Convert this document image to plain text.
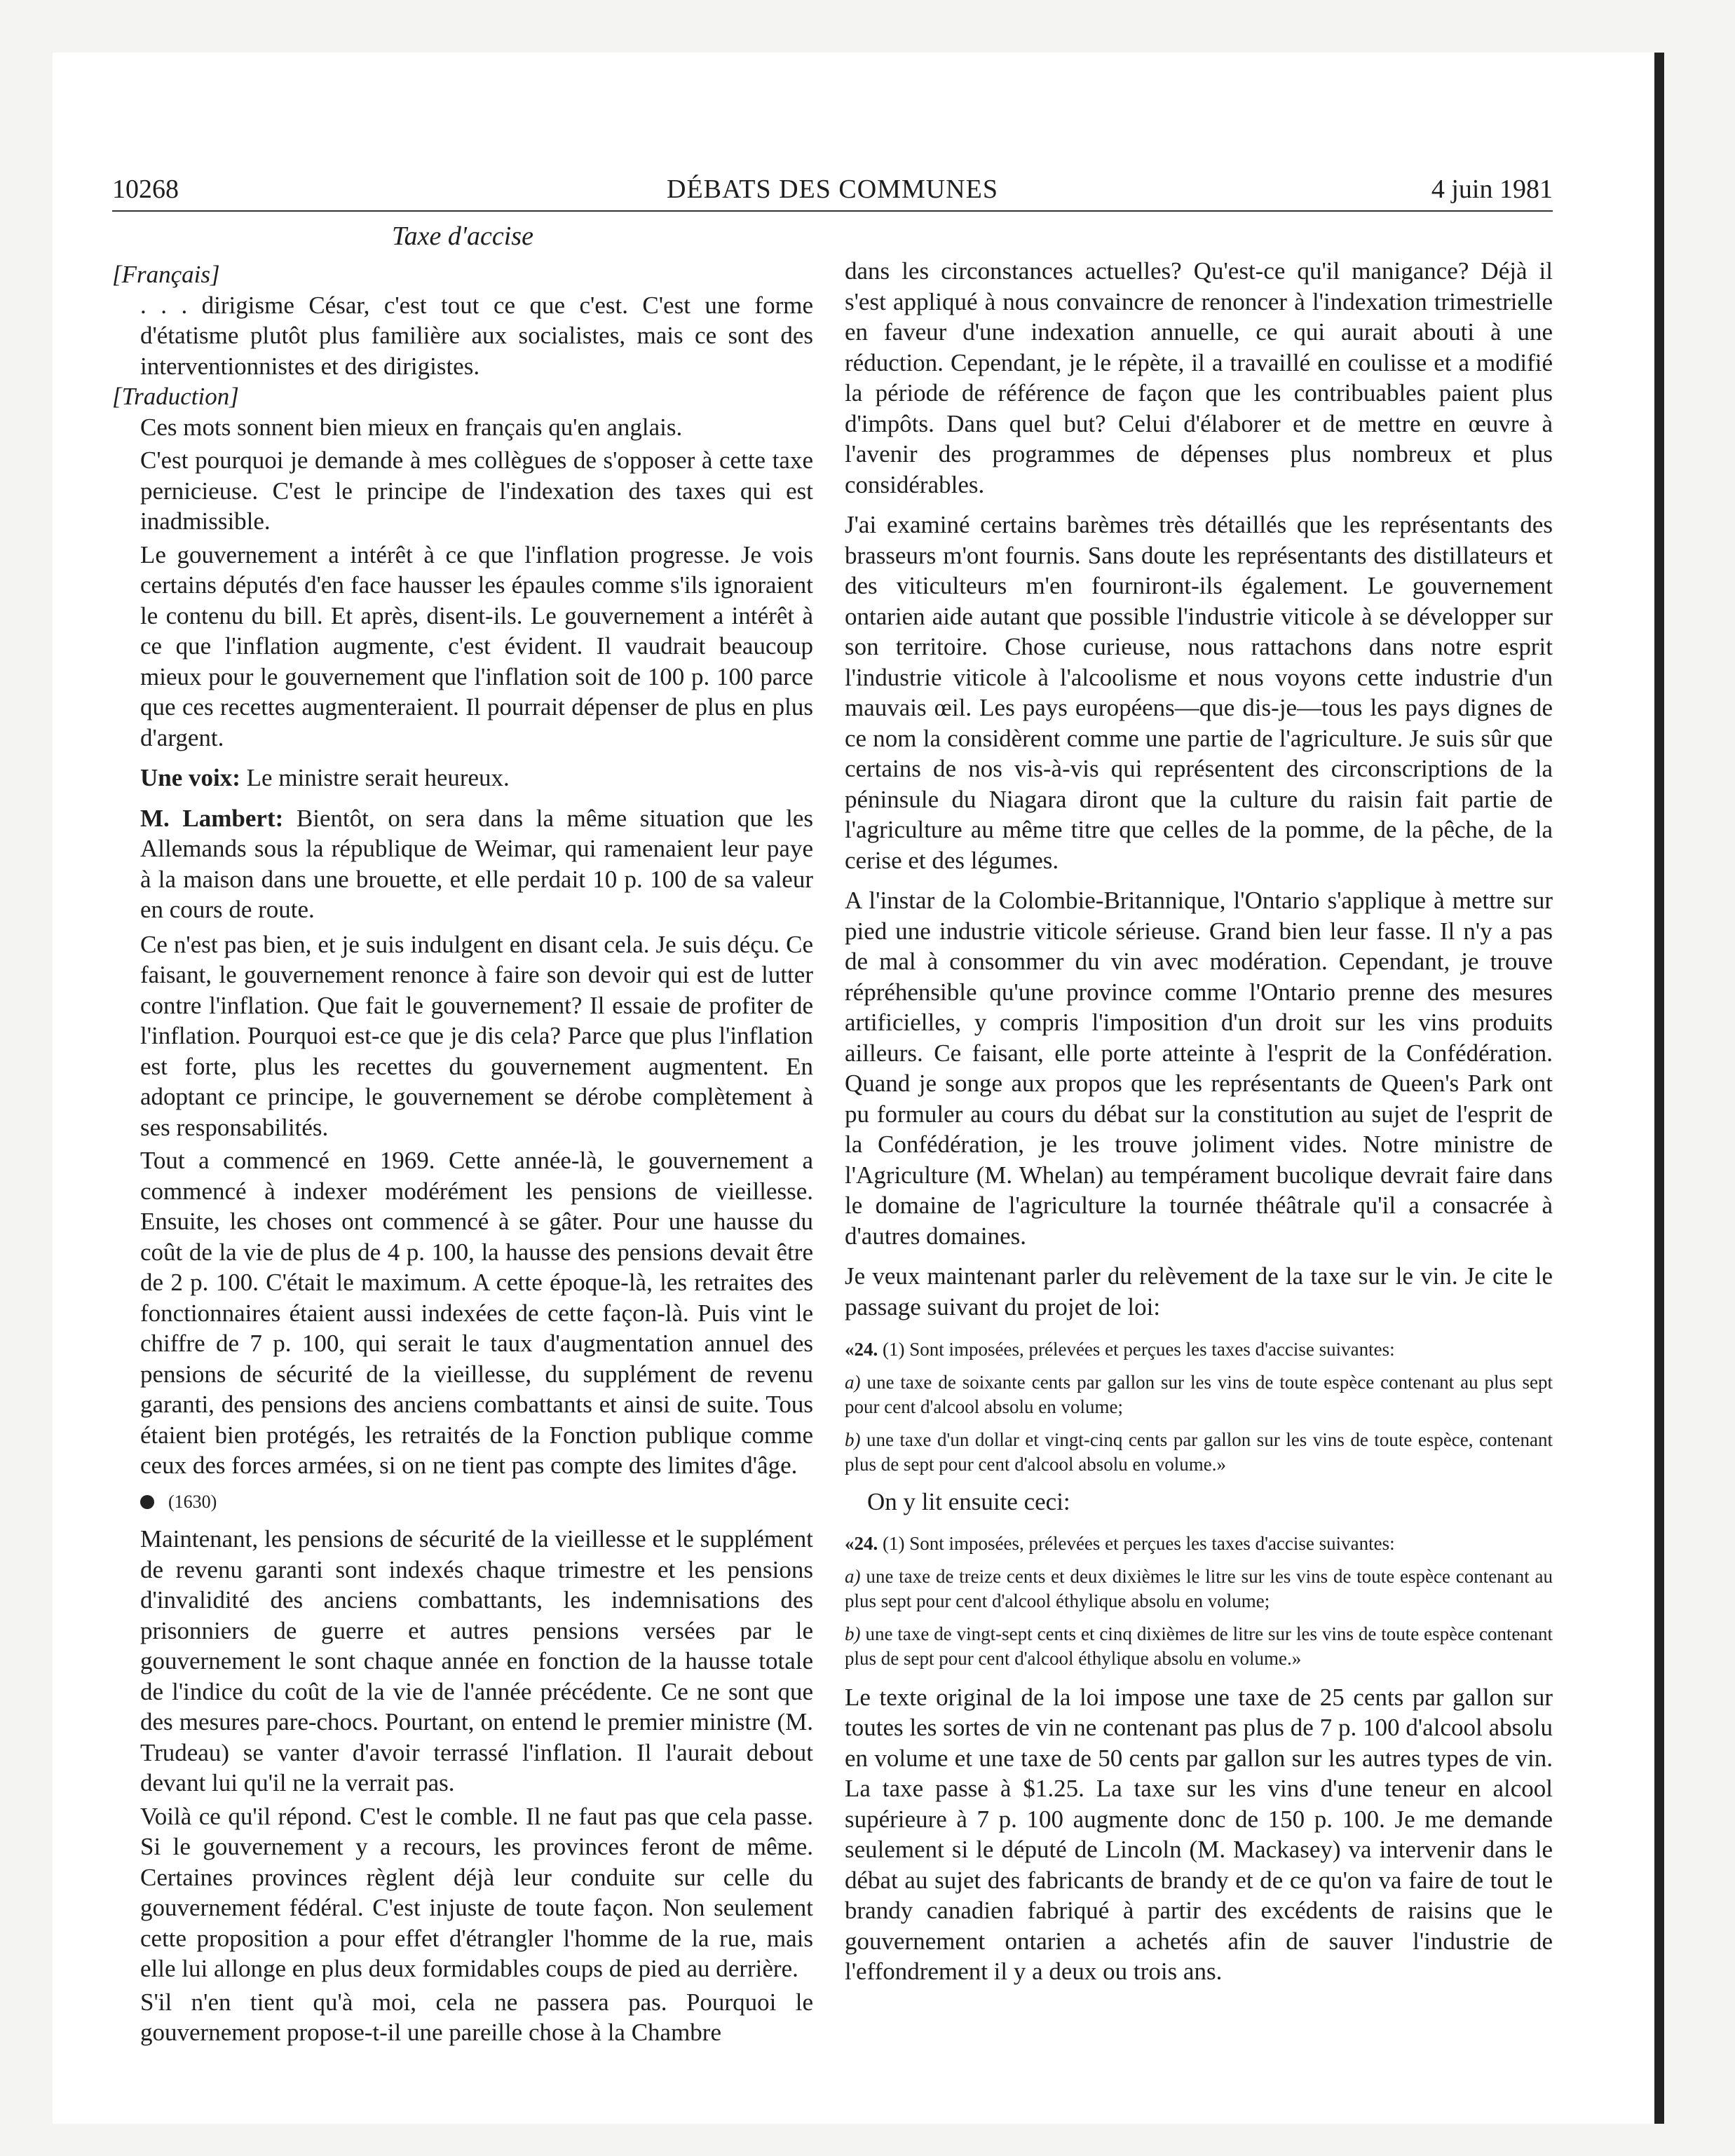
10268	DÉBATS DES COMMUNES	4 juin 1981
Taxe d'accise
[Français]

. . . dirigisme César, c'est tout ce que c'est. C'est une forme d'étatisme plutôt plus familière aux socialistes, mais ce sont des interventionnistes et des dirigistes.

[Traduction]

Ces mots sonnent bien mieux en français qu'en anglais.

C'est pourquoi je demande à mes collègues de s'opposer à cette taxe pernicieuse. C'est le principe de l'indexation des taxes qui est inadmissible.

Le gouvernement a intérêt à ce que l'inflation progresse. Je vois certains députés d'en face hausser les épaules comme s'ils ignoraient le contenu du bill. Et après, disent-ils. Le gouvernement a intérêt à ce que l'inflation augmente, c'est évident. Il vaudrait beaucoup mieux pour le gouvernement que l'inflation soit de 100 p. 100 parce que ces recettes augmenteraient. Il pourrait dépenser de plus en plus d'argent.

Une voix: Le ministre serait heureux.

M. Lambert: Bientôt, on sera dans la même situation que les Allemands sous la république de Weimar, qui ramenaient leur paye à la maison dans une brouette, et elle perdait 10 p. 100 de sa valeur en cours de route.

Ce n'est pas bien, et je suis indulgent en disant cela. Je suis déçu. Ce faisant, le gouvernement renonce à faire son devoir qui est de lutter contre l'inflation. Que fait le gouvernement? Il essaie de profiter de l'inflation. Pourquoi est-ce que je dis cela? Parce que plus l'inflation est forte, plus les recettes du gouvernement augmentent. En adoptant ce principe, le gouvernement se dérobe complètement à ses responsabilités.

Tout a commencé en 1969. Cette année-là, le gouvernement a commencé à indexer modérément les pensions de vieillesse. Ensuite, les choses ont commencé à se gâter. Pour une hausse du coût de la vie de plus de 4 p. 100, la hausse des pensions devait être de 2 p. 100. C'était le maximum. A cette époque-là, les retraites des fonctionnaires étaient aussi indexées de cette façon-là. Puis vint le chiffre de 7 p. 100, qui serait le taux d'augmentation annuel des pensions de sécurité de la vieillesse, du supplément de revenu garanti, des pensions des anciens combattants et ainsi de suite. Tous étaient bien protégés, les retraités de la Fonction publique comme ceux des forces armées, si on ne tient pas compte des limites d'âge.

(1630)

Maintenant, les pensions de sécurité de la vieillesse et le supplément de revenu garanti sont indexés chaque trimestre et les pensions d'invalidité des anciens combattants, les indemnisations des prisonniers de guerre et autres pensions versées par le gouvernement le sont chaque année en fonction de la hausse totale de l'indice du coût de la vie de l'année précédente. Ce ne sont que des mesures pare-chocs. Pourtant, on entend le premier ministre (M. Trudeau) se vanter d'avoir terrassé l'inflation. Il l'aurait debout devant lui qu'il ne la verrait pas.

Voilà ce qu'il répond. C'est le comble. Il ne faut pas que cela passe. Si le gouvernement y a recours, les provinces feront de même. Certaines provinces règlent déjà leur conduite sur celle du gouvernement fédéral. C'est injuste de toute façon. Non seulement cette proposition a pour effet d'étrangler l'homme de la rue, mais elle lui allonge en plus deux formidables coups de pied au derrière.

S'il n'en tient qu'à moi, cela ne passera pas. Pourquoi le gouvernement propose-t-il une pareille chose à la Chambre

dans les circonstances actuelles? Qu'est-ce qu'il manigance? Déjà il s'est appliqué à nous convaincre de renoncer à l'indexation trimestrielle en faveur d'une indexation annuelle, ce qui aurait abouti à une réduction. Cependant, je le répète, il a travaillé en coulisse et a modifié la période de référence de façon que les contribuables paient plus d'impôts. Dans quel but? Celui d'élaborer et de mettre en œuvre à l'avenir des programmes de dépenses plus nombreux et plus considérables.

J'ai examiné certains barèmes très détaillés que les représentants des brasseurs m'ont fournis. Sans doute les représentants des distillateurs et des viticulteurs m'en fourniront-ils également. Le gouvernement ontarien aide autant que possible l'industrie viticole à se développer sur son territoire. Chose curieuse, nous rattachons dans notre esprit l'industrie viticole à l'alcoolisme et nous voyons cette industrie d'un mauvais œil. Les pays européens—que dis-je—tous les pays dignes de ce nom la considèrent comme une partie de l'agriculture. Je suis sûr que certains de nos vis-à-vis qui représentent des circonscriptions de la péninsule du Niagara diront que la culture du raisin fait partie de l'agriculture au même titre que celles de la pomme, de la pêche, de la cerise et des légumes.

A l'instar de la Colombie-Britannique, l'Ontario s'applique à mettre sur pied une industrie viticole sérieuse. Grand bien leur fasse. Il n'y a pas de mal à consommer du vin avec modération. Cependant, je trouve répréhensible qu'une province comme l'Ontario prenne des mesures artificielles, y compris l'imposition d'un droit sur les vins produits ailleurs. Ce faisant, elle porte atteinte à l'esprit de la Confédération. Quand je songe aux propos que les représentants de Queen's Park ont pu formuler au cours du débat sur la constitution au sujet de l'esprit de la Confédération, je les trouve joliment vides. Notre ministre de l'Agriculture (M. Whelan) au tempérament bucolique devrait faire dans le domaine de l'agriculture la tournée théâtrale qu'il a consacrée à d'autres domaines.

Je veux maintenant parler du relèvement de la taxe sur le vin. Je cite le passage suivant du projet de loi:

«24. (1) Sont imposées, prélevées et perçues les taxes d'accise suivantes:

a) une taxe de soixante cents par gallon sur les vins de toute espèce contenant au plus sept pour cent d'alcool absolu en volume;

b) une taxe d'un dollar et vingt-cinq cents par gallon sur les vins de toute espèce, contenant plus de sept pour cent d'alcool absolu en volume.»

On y lit ensuite ceci:

«24. (1) Sont imposées, prélevées et perçues les taxes d'accise suivantes:

a) une taxe de treize cents et deux dixièmes le litre sur les vins de toute espèce contenant au plus sept pour cent d'alcool éthylique absolu en volume;

b) une taxe de vingt-sept cents et cinq dixièmes de litre sur les vins de toute espèce contenant plus de sept pour cent d'alcool éthylique absolu en volume.»

Le texte original de la loi impose une taxe de 25 cents par gallon sur toutes les sortes de vin ne contenant pas plus de 7 p. 100 d'alcool absolu en volume et une taxe de 50 cents par gallon sur les autres types de vin. La taxe passe à $1.25. La taxe sur les vins d'une teneur en alcool supérieure à 7 p. 100 augmente donc de 150 p. 100. Je me demande seulement si le député de Lincoln (M. Mackasey) va intervenir dans le débat au sujet des fabricants de brandy et de ce qu'on va faire de tout le brandy canadien fabriqué à partir des excédents de raisins que le gouvernement ontarien a achetés afin de sauver l'industrie de l'effondrement il y a deux ou trois ans.
